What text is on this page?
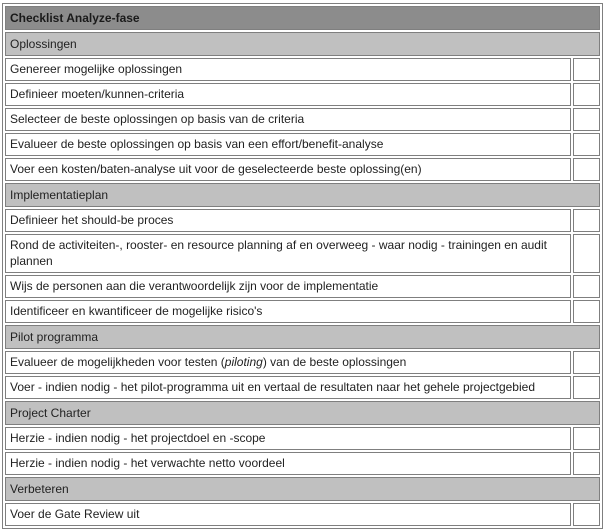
Checklist Analyze-fase	
Oplossingen	
Genereer mogelijke oplossingen	
Definieer moeten/kunnen-criteria	
Selecteer de beste oplossingen op basis van de criteria	
Evalueer de beste oplossingen op basis van een effort/benefit-analyse	
Voer een kosten/baten-analyse uit voor de geselecteerde beste oplossing(en)	
Implementatieplan	
Definieer het should-be proces	
Rond de activiteiten-, rooster- en resource planning af en overweeg - waar nodig - trainingen en audit plannen	
Wijs de personen aan die verantwoordelijk zijn voor de implementatie	
Identificeer en kwantificeer de mogelijke risico's	
Pilot programma	
Evalueer de mogelijkheden voor testen (piloting) van de beste oplossingen	
Voer - indien nodig - het pilot-programma uit en vertaal de resultaten naar het gehele projectgebied	
Project Charter	
Herzie - indien nodig - het projectdoel en -scope	
Herzie - indien nodig - het verwachte netto voordeel	
Verbeteren	
Voer de Gate Review uit	
